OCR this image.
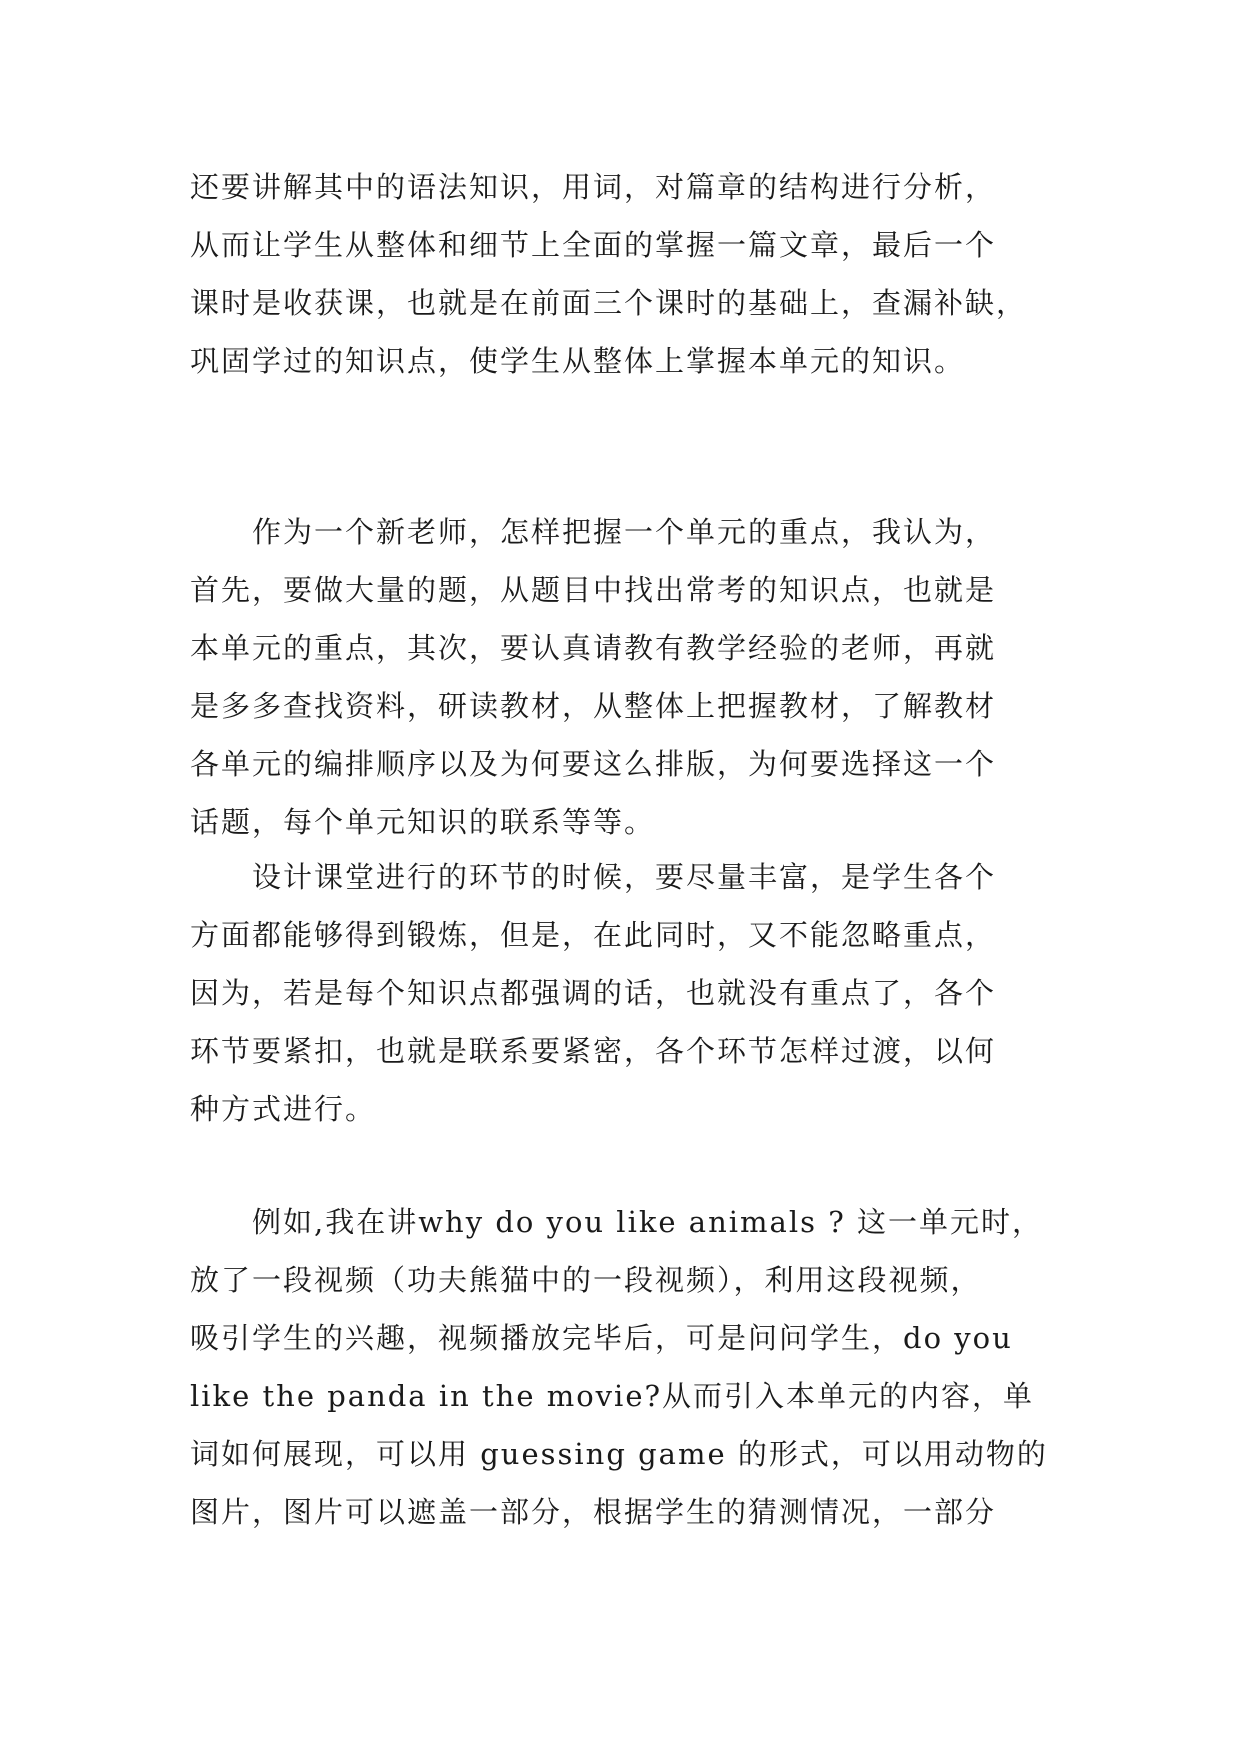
还要讲解其中的语法知识，用词，对篇章的结构进行分析，
从而让学生从整体和细节上全面的掌握一篇文章，最后一个
课时是收获课，也就是在前面三个课时的基础上，查漏补缺，
巩固学过的知识点，使学生从整体上掌握本单元的知识。
　　作为一个新老师，怎样把握一个单元的重点，我认为，
首先，要做大量的题，从题目中找出常考的知识点，也就是
本单元的重点，其次，要认真请教有教学经验的老师，再就
是多多查找资料，研读教材，从整体上把握教材，了解教材
各单元的编排顺序以及为何要这么排版，为何要选择这一个
话题，每个单元知识的联系等等。
　　设计课堂进行的环节的时候，要尽量丰富，是学生各个
方面都能够得到锻炼，但是，在此同时，又不能忽略重点，
因为，若是每个知识点都强调的话，也就没有重点了，各个
环节要紧扣，也就是联系要紧密，各个环节怎样过渡，以何
种方式进行。
　　例如,我在讲why do you like animals ? 这一单元时，
放了一段视频（功夫熊猫中的一段视频），利用这段视频，
吸引学生的兴趣，视频播放完毕后，可是问问学生，do you
like the panda in the movie?从而引入本单元的内容，单
词如何展现，可以用 guessing game 的形式，可以用动物的
图片，图片可以遮盖一部分，根据学生的猜测情况，一部分
